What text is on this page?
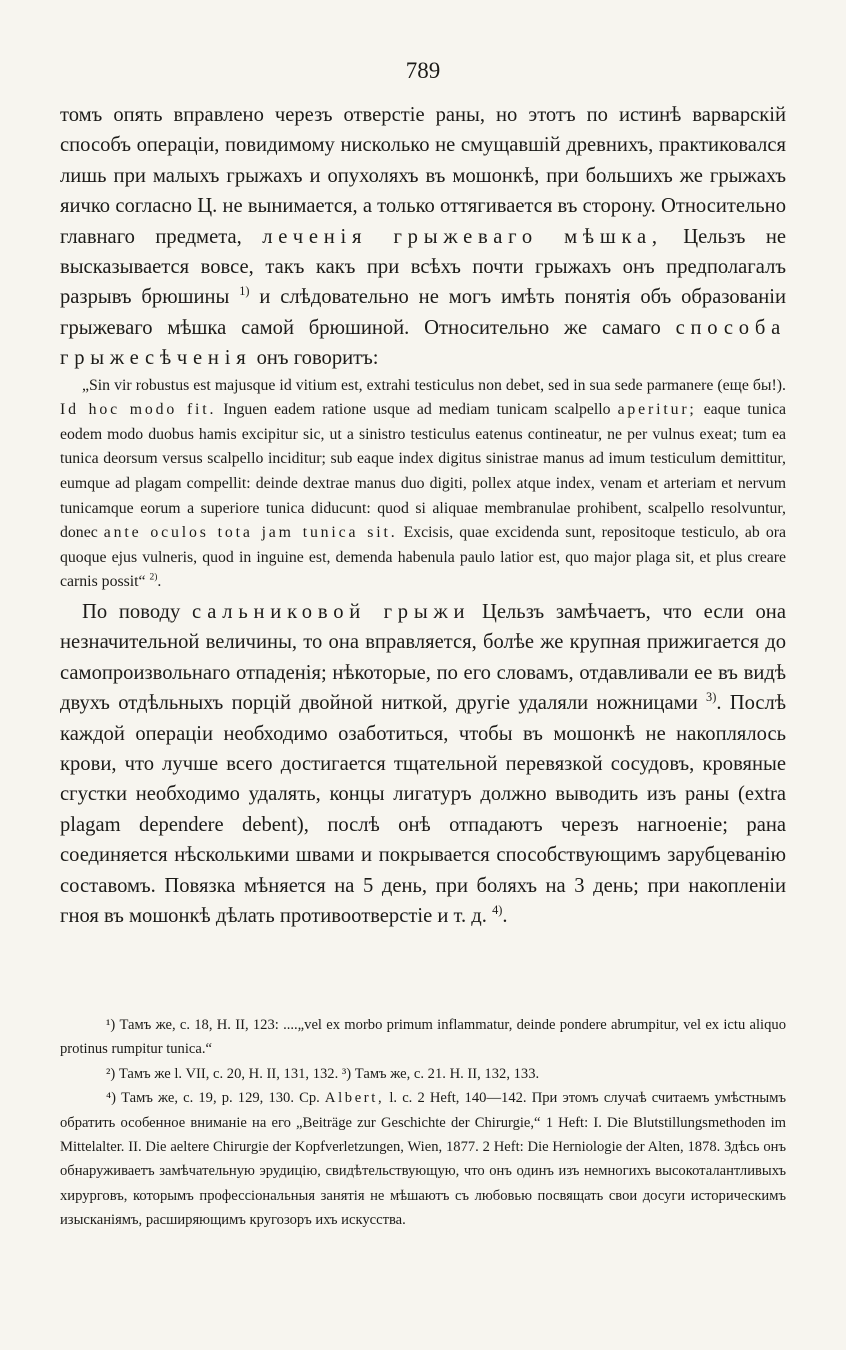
789

томъ опять вправлено черезъ отверстіе раны, но этотъ по истинѣ варварскій способъ операціи, повидимому нисколько не смущавшій древнихъ, практиковался лишь при малыхъ грыжахъ и опухоляхъ въ мошонкѣ, при большихъ же грыжахъ яичко согласно Ц. не вынимается, а только оттягивается въ сторону. Относительно главнаго предмета, леченія грыжеваго мѣшка, Цельзъ не высказывается вовсе, такъ какъ при всѣхъ почти грыжахъ онъ предполагалъ разрывъ брюшины $^{1)}$ и слѣдовательно не могъ имѣть понятія объ образованіи грыжеваго мѣшка самой брюшиной. Относительно же самаго способа грыжесѣченія онъ говоритъ:

„Sin vir robustus est majusque id vitium est, extrahi testiculus non debet, sed in sua sede parmanere (еще бы!). Id hoc modo fit. Inguen eadem ratione usque ad mediam tunicam scalpello aperitur; eaque tunica eodem modo duobus hamis excipitur sic, ut a sinistro testiculus eatenus contineatur, ne per vulnus exeat; tum ea tunica deorsum versus scalpello inciditur; sub eaque index digitus sinistrae manus ad imum testiculum demittitur, eumque ad plagam compellit: deinde dextrae manus duo digiti, pollex atque index, venam et arteriam et nervum tunicamque eorum a superiore tunica diducunt: quod si aliquae membranulae prohibent, scalpello resolvuntur, donec ante oculos tota jam tunica sit. Excisis, quae excidenda sunt, repositoque testiculo, ab ora quoque ejus vulneris, quod in inguine est, demenda habenula paulo latior est, quo major plaga sit, et plus creare carnis possit“ $^{2)}$.

По поводу сальниковой грыжи Цельзъ замѣчаетъ, что если она незначительной величины, то она вправляется, болѣе же крупная прижигается до самопроизвольнаго отпаденія; нѣкоторые, по его словамъ, отдавливали ее въ видѣ двухъ отдѣльныхъ порцій двойной ниткой, другіе удаляли ножницами $^{3)}$. Послѣ каждой операціи необходимо озаботиться, чтобы въ мошонкѣ не накоплялось крови, что лучше всего достигается тщательной перевязкой сосудовъ, кровяные сгустки необходимо удалять, концы лигатуръ должно выводить изъ раны (extra plagam dependere debent), послѣ онѣ отпадаютъ черезъ нагноеніе; рана соединяется нѣсколькими швами и покрывается способствующимъ зарубцеванію составомъ. Повязка мѣняется на 5 день, при боляхъ на 3 день; при накопленіи гноя въ мошонкѣ дѣлать противоотверстіе и т. д. $^{4)}$.

¹) Тамъ же, с. 18, Н. II, 123: ....„vel ex morbo primum inflammatur, deinde pondere abrumpitur, vel ex ictu aliquo protinus rumpitur tunica.“

²) Тамъ же l. VII, с. 20, Н. II, 131, 132. ³) Тамъ же, с. 21. Н. II, 132, 133.

⁴) Тамъ же, с. 19, р. 129, 130. Ср. Albert, l. с. 2 Heft, 140—142. При этомъ случаѣ считаемъ умѣстнымъ обратить особенное вниманіе на его „Beiträge zur Geschichte der Chirurgie,“ 1 Heft: I. Die Blutstillungsmethoden im Mittelalter. II. Die aeltere Chirurgie der Kopfverletzungen, Wien, 1877. 2 Heft: Die Herniologie der Alten, 1878. Здѣсь онъ обнаруживаетъ замѣчательную эрудицію, свидѣтельствующую, что онъ одинъ изъ немногихъ высокоталантливыхъ хирурговъ, которымъ профессіональныя занятія не мѣшаютъ съ любовью посвящать свои досуги историческимъ изысканіямъ, расширяющимъ кругозоръ ихъ искусства.
